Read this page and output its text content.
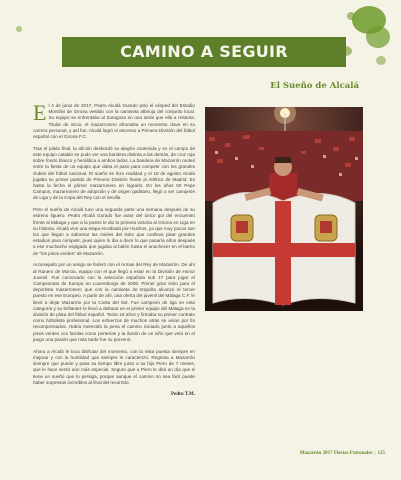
CAMINO A SEGUIR
El Sueño de Alcalá

El 4 de junio de 2017, Pedro Alcalá Gurado pisó el césped del Estadio Montilivi de Girona vestido con la camiseta albiroja del conjunto local. Su equipo se enfrentaba al Zaragoza en una tarde que ella a Historia. Titular de inicio, el mazarronero afrontaba un momento clave en su carrera personal, y así fue. Alcalá logró el ascenso a Primera División del fútbol español con el Girona F.C.

Tras el pitido final, la afición desbordó su alegría contenida y en el campo de este equipo catalán se pudo ver una bandera distinta a las demás, de cruz roja sobre fondo blanco y heráldica a ambos lados. La bandera de Mazarrón ondeó entre la fiesta de un equipo que daba el paso para competir con los grandes clubes del fútbol nacional. El sueño se hizo realidad y el 19 de agosto Alcalá jugaba su primer partido de Primera División frente al Atlético de Madrid. Es hasta la fecha el primer mazarronero en lograrlo. En los años 50 Pepe Campos, mazarronero de adopción y de origen gaditano, llegó a ser campeón de Liga y de la Copa del Rey con el Sevilla.

Pero el sueño de Alcalá tuvo una segunda parte una semana después de su estreno liguero. Pedro Alcalá Gurado fue autor del único gol del encuentro frente al Málaga y que a la postre le dio la primera victoria al Girona en Liga en su historia. Alcalá vive una etapa envidiada por muchos, ya que muy pocos son los que llegan a saborear las mieles del éxito que conlleva pisar grandes estadios para competir, pues quien lo iba a decir lo que pasaría años después a ese muchacho espigado que jugaba al balón hasta el anochecer en el barrio de "los pisos verdes" de Mazarrón.

Aconsejado por un amigo se federó con el Armas del Rey de Mazarrón. De ahí al Ranero de Murcia, equipo con el que llegó a estar en la División de Honor Juvenil. Fue convocado con la selección española sub 17 para jugar el Campeonato de Europa en Luxemburgo de 2006. Primer gran éxito para el deportista mazarronero que con la camiseta de España alcanzó el tercer puesto en ese Europeo. A partir de ahí, una oferta del juvenil del Málaga C.F. le llevó a dejar Mazarrón por la Costa del Sol. Fue campeón de liga en esta categoría y su brillantez le llevó a debutar en el primer equipo del Málaga en la división de plata del fútbol español. Tenía 18 años y firmaba su primer contrato como futbolista profesional. Los esfuerzos de muchos atrás se veían por fin recompensados. Había merecido la pena el camino iniciado junto a aquellos pisos verdes con farolas como porterías y la ilusión de un niño que veía en el juego una pasión que más tarde fue su porvenir.

Ahora a Alcalá le toca disfrutar del momento, con la vista puesta siempre en mejorar y con la humildad que siempre le caracterizó. Regresa a Mazarrón siempre que puede y pasa su tiempo libre junto a su hijo Piero de 7 meses, que le hace sentir aún más especial. Seguro que a Piero le dirá un día que si tiene un sueño que lo persiga, porque aunque el camino no sea fácil puede haber sorpresas increíbles al final del recorrido.

Pedro T.M.
Mazarrón 2017 Fiestas Patronales | 125
